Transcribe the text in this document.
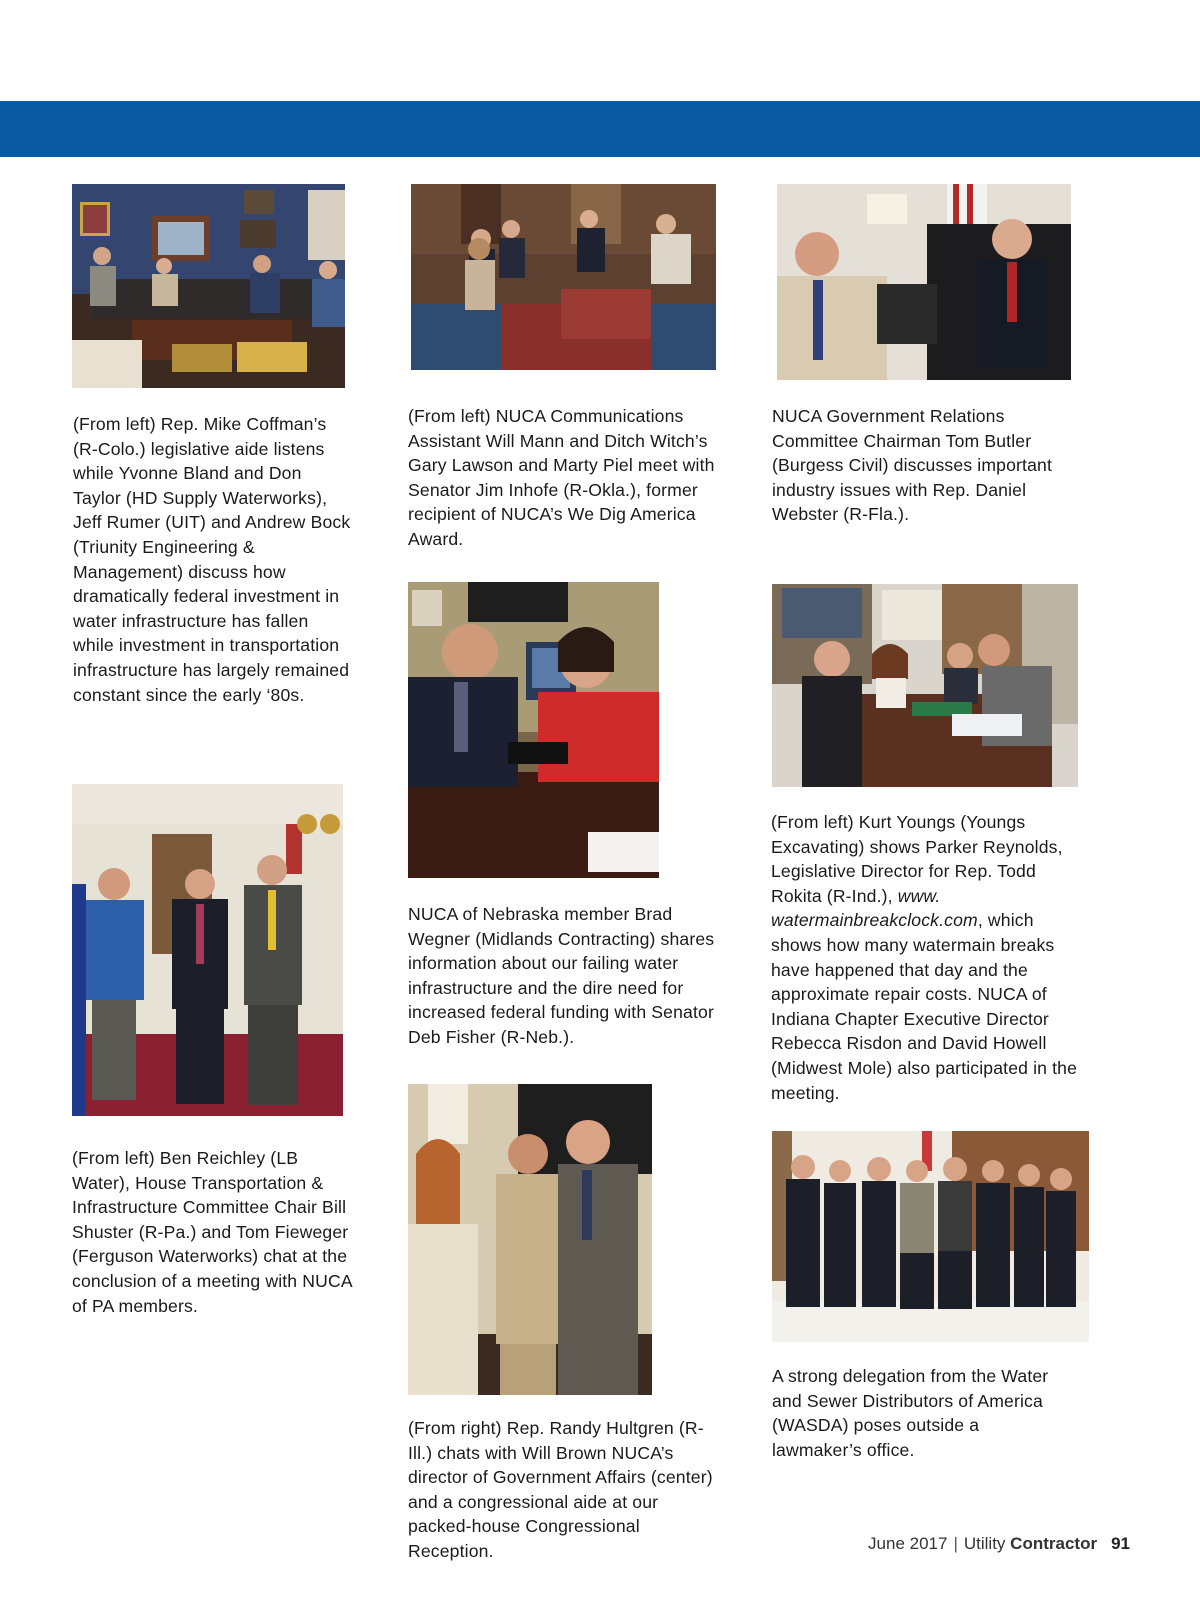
(From left) Rep. Mike Coffman’s (R-Colo.) legislative aide listens while Yvonne Bland and Don Taylor (HD Supply Waterworks), Jeff Rumer (UIT) and Andrew Bock (Triunity Engineering & Management) discuss how dramatically federal investment in water infrastructure has fallen while investment in transportation infrastructure has largely remained constant since the early ‘80s.

(From left) NUCA Communications Assistant Will Mann and Ditch Witch’s Gary Lawson and Marty Piel meet with Senator Jim Inhofe (R-Okla.), former recipient of NUCA’s We Dig America Award.

NUCA Government Relations Committee Chairman Tom Butler (Burgess Civil) discusses important industry issues with Rep. Daniel Webster (R-Fla.).

NUCA of Nebraska member Brad Wegner (Midlands Contracting) shares information about our failing water infrastructure and the dire need for increased federal funding with Senator Deb Fisher (R-Neb.).

(From left) Kurt Youngs (Youngs Excavating) shows Parker Reynolds, Legislative Director for Rep. Todd Rokita (R-Ind.), www. watermainbreakclock.com, which shows how many watermain breaks have happened that day and the approximate repair costs. NUCA of Indiana Chapter Executive Director Rebecca Risdon and David Howell (Midwest Mole) also participated in the meeting.

(From left) Ben Reichley (LB Water), House Transportation & Infrastructure Committee Chair Bill Shuster (R-Pa.) and Tom Fieweger (Ferguson Waterworks) chat at the conclusion of a meeting with NUCA of PA members.

A strong delegation from the Water and Sewer Distributors of America (WASDA) poses outside a lawmaker’s office.

(From right) Rep. Randy Hultgren (R-Ill.) chats with Will Brown NUCA’s director of Government Affairs (center) and a congressional aide at our packed-house Congressional Reception.	June 2017 | Utility Contractor 91
